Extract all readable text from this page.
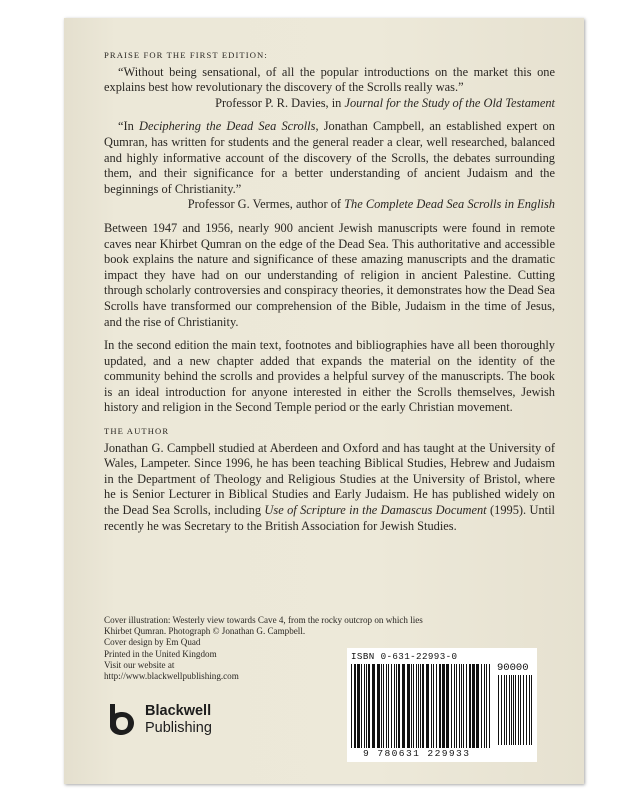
PRAISE FOR THE FIRST EDITION:

“Without being sensational, of all the popular introductions on the market this one explains best how revolutionary the discovery of the Scrolls really was.”

Professor P. R. Davies, in Journal for the Study of the Old Testament

“In Deciphering the Dead Sea Scrolls, Jonathan Campbell, an established expert on Qumran, has written for students and the general reader a clear, well researched, balanced and highly informative account of the discovery of the Scrolls, the debates surrounding them, and their significance for a better understanding of ancient Judaism and the beginnings of Christianity.”

Professor G. Vermes, author of The Complete Dead Sea Scrolls in English

Between 1947 and 1956, nearly 900 ancient Jewish manuscripts were found in remote caves near Khirbet Qumran on the edge of the Dead Sea. This authoritative and accessible book explains the nature and significance of these amazing manuscripts and the dramatic impact they have had on our understanding of religion in ancient Palestine. Cutting through scholarly controversies and conspiracy theories, it demonstrates how the Dead Sea Scrolls have transformed our comprehension of the Bible, Judaism in the time of Jesus, and the rise of Christianity.

In the second edition the main text, footnotes and bibliographies have all been thoroughly updated, and a new chapter added that expands the material on the identity of the community behind the scrolls and provides a helpful survey of the manuscripts. The book is an ideal introduction for anyone interested in either the Scrolls themselves, Jewish history and religion in the Second Temple period or the early Christian movement.

THE AUTHOR

Jonathan G. Campbell studied at Aberdeen and Oxford and has taught at the University of Wales, Lampeter. Since 1996, he has been teaching Biblical Studies, Hebrew and Judaism in the Department of Theology and Religious Studies at the University of Bristol, where he is Senior Lecturer in Biblical Studies and Early Judaism. He has published widely on the Dead Sea Scrolls, including Use of Scripture in the Damascus Document (1995). Until recently he was Secretary to the British Association for Jewish Studies.

Cover illustration: Westerly view towards Cave 4, from the rocky outcrop on which lies
Khirbet Qumran. Photograph © Jonathan G. Campbell.
Cover design by Em Quad
Printed in the United Kingdom
Visit our website at
http://www.blackwellpublishing.com
Blackwell
Publishing
ISBN 0-631-22993-0
90000
9 780631 229933
